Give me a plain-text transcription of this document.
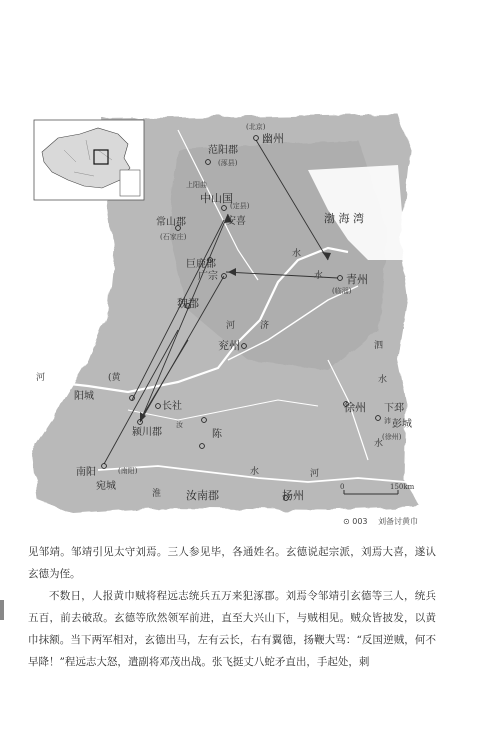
(北京)
幽州
范阳郡
(涿县)
上阳曲
中山国
(定县)
安喜
常山郡
(石家庄)
巨鹿郡
广宗
渤 海 湾
青州
(临淄)
魏郡
兖州
河	济
水
水
河	(黄
阳城
长社
颍川郡
汝
陈
泗
水
徐州 下邳
沛 彭城
(徐州)
水
水	河
南阳	(南阳)
宛城
淮 汝南郡	扬州
0	150km
⊙ 003 刘备讨黄巾

见邹靖。邹靖引见太守刘焉。三人参见毕，各通姓名。玄德说起宗派，刘焉大喜，遂认玄德为侄。

不数日，人报黄巾贼将程远志统兵五万来犯涿郡。刘焉令邹靖引玄德等三人，统兵五百，前去破敌。玄德等欣然领军前进，直至大兴山下，与贼相见。贼众皆披发，以黄巾抹额。当下两军相对，玄德出马，左有云长，右有翼德，扬鞭大骂：“反国逆贼，何不早降！”程远志大怒，遣副将邓茂出战。张飞挺丈八蛇矛直出，手起处，刺
